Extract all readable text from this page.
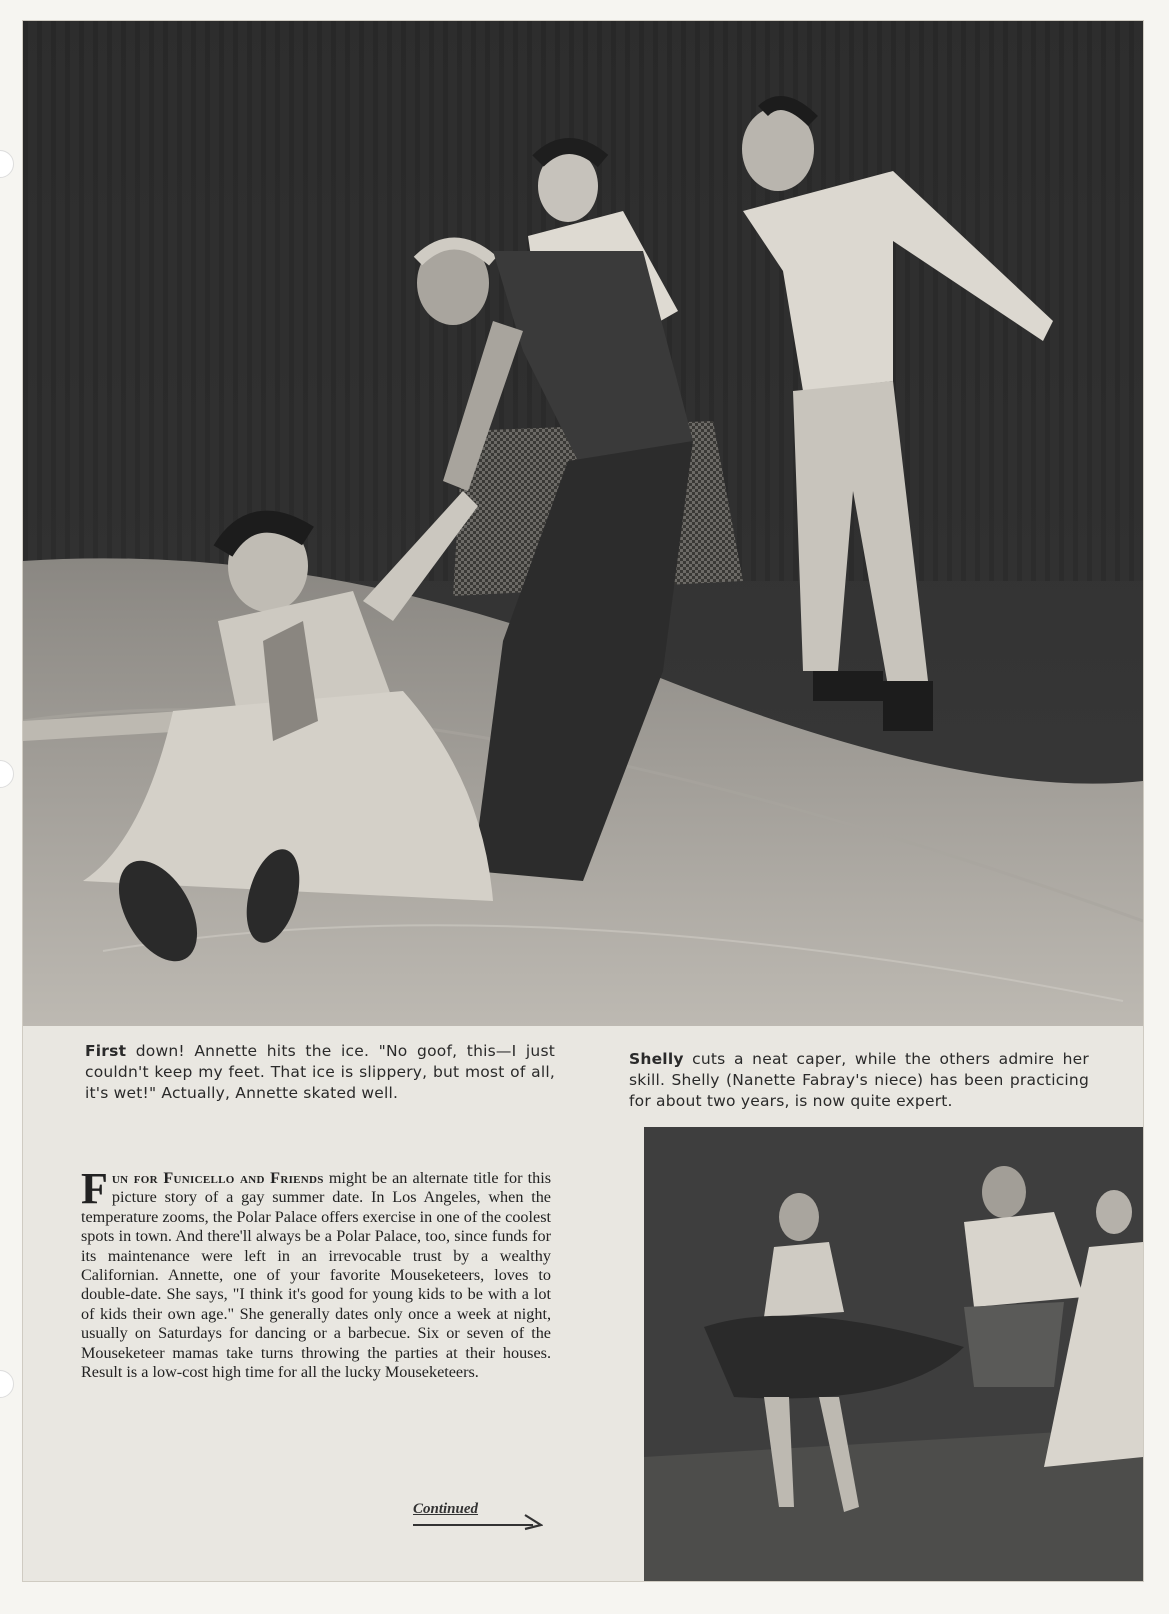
First down! Annette hits the ice. "No goof, this—I just couldn't keep my feet. That ice is slippery, but most of all, it's wet!" Actually, Annette skated well.
Shelly cuts a neat caper, while the others admire her skill. Shelly (Nanette Fabray's niece) has been practicing for about two years, is now quite expert.
Fun for Funicello and Friends might be an alternate title for this picture story of a gay summer date. In Los Angeles, when the temperature zooms, the Polar Palace offers exercise in one of the coolest spots in town. And there'll always be a Polar Palace, too, since funds for its maintenance were left in an irrevocable trust by a wealthy Californian. Annette, one of your favorite Mouseketeers, loves to double-date. She says, "I think it's good for young kids to be with a lot of kids their own age." She generally dates only once a week at night, usually on Saturdays for dancing or a barbecue. Six or seven of the Mouseketeer mamas take turns throwing the parties at their houses. Result is a low-cost high time for all the lucky Mouseketeers.
Continued
